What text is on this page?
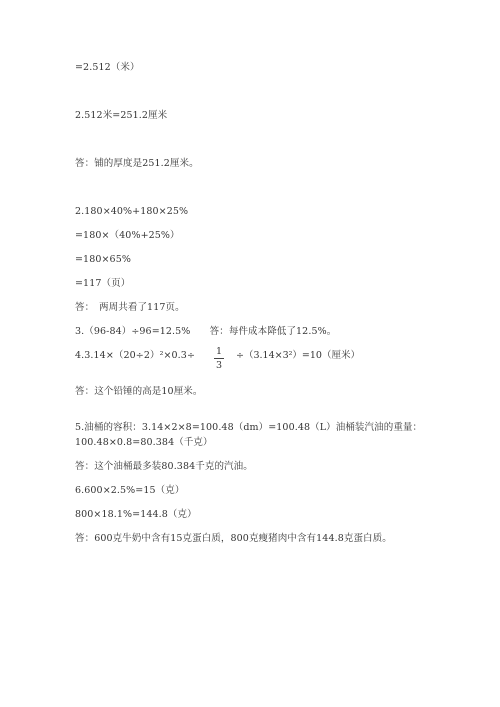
=2.512（米）
2.512米=251.2厘米
答：铺的厚度是251.2厘米。
2.180×40%+180×25%
=180×（40%+25%）
=180×65%
=117（页）
答：　两周共看了117页。
3.（96-84）÷96=12.5%　　答：每件成本降低了12.5%。
4.3.14×（20÷2）²×0.3÷	1
3
÷（3.14×3²）=10（厘米）
答：这个铅锤的高是10厘米。
5.油桶的容积：3.14×2×8=100.48（dm）=100.48（L）油桶装汽油的重量：
100.48×0.8=80.384（千克）
答：这个油桶最多装80.384千克的汽油。
6.600×2.5%=15（克）
800×18.1%=144.8（克）
答：600克牛奶中含有15克蛋白质，800克瘦猪肉中含有144.8克蛋白质。
